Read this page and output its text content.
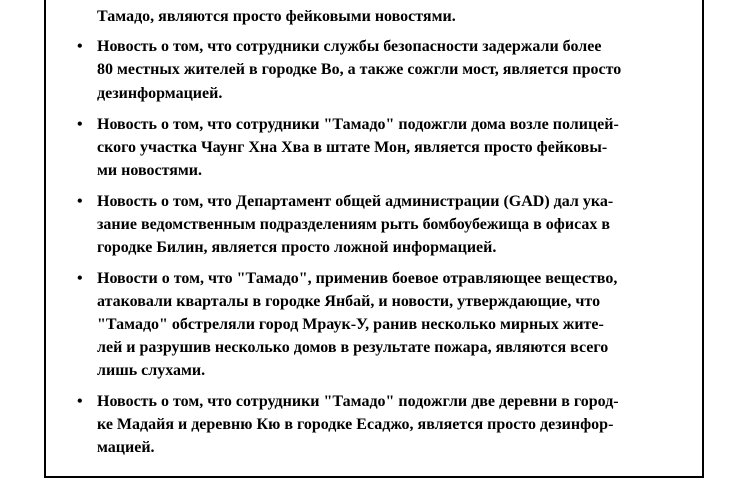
Тамадо, являются просто фейковыми новостями.
• Новость о том, что сотрудники службы безопасности задержали более
80 местных жителей в городке Во, а также сожгли мост, является просто
дезинформацией.
• Новость о том, что сотрудники "Тамадо" подожгли дома возле полицей-
ского участка Чаунг Хна Хва в штате Мон, является просто фейковы-
ми новостями.
• Новость о том, что Департамент общей администрации (GAD) дал ука-
зание ведомственным подразделениям рыть бомбоубежища в офисах в
городке Билин, является просто ложной информацией.
• Новости о том, что "Тамадо", применив боевое отравляющее вещество,
атаковали кварталы в городке Янбай, и новости, утверждающие, что
"Тамадо" обстреляли город Мраук-У, ранив несколько мирных жите-
лей и разрушив несколько домов в результате пожара, являются всего
лишь слухами.
• Новость о том, что сотрудники "Тамадо" подожгли две деревни в город-
ке Мадайя и деревню Кю в городке Есаджо, является просто дезинфор-
мацией.
